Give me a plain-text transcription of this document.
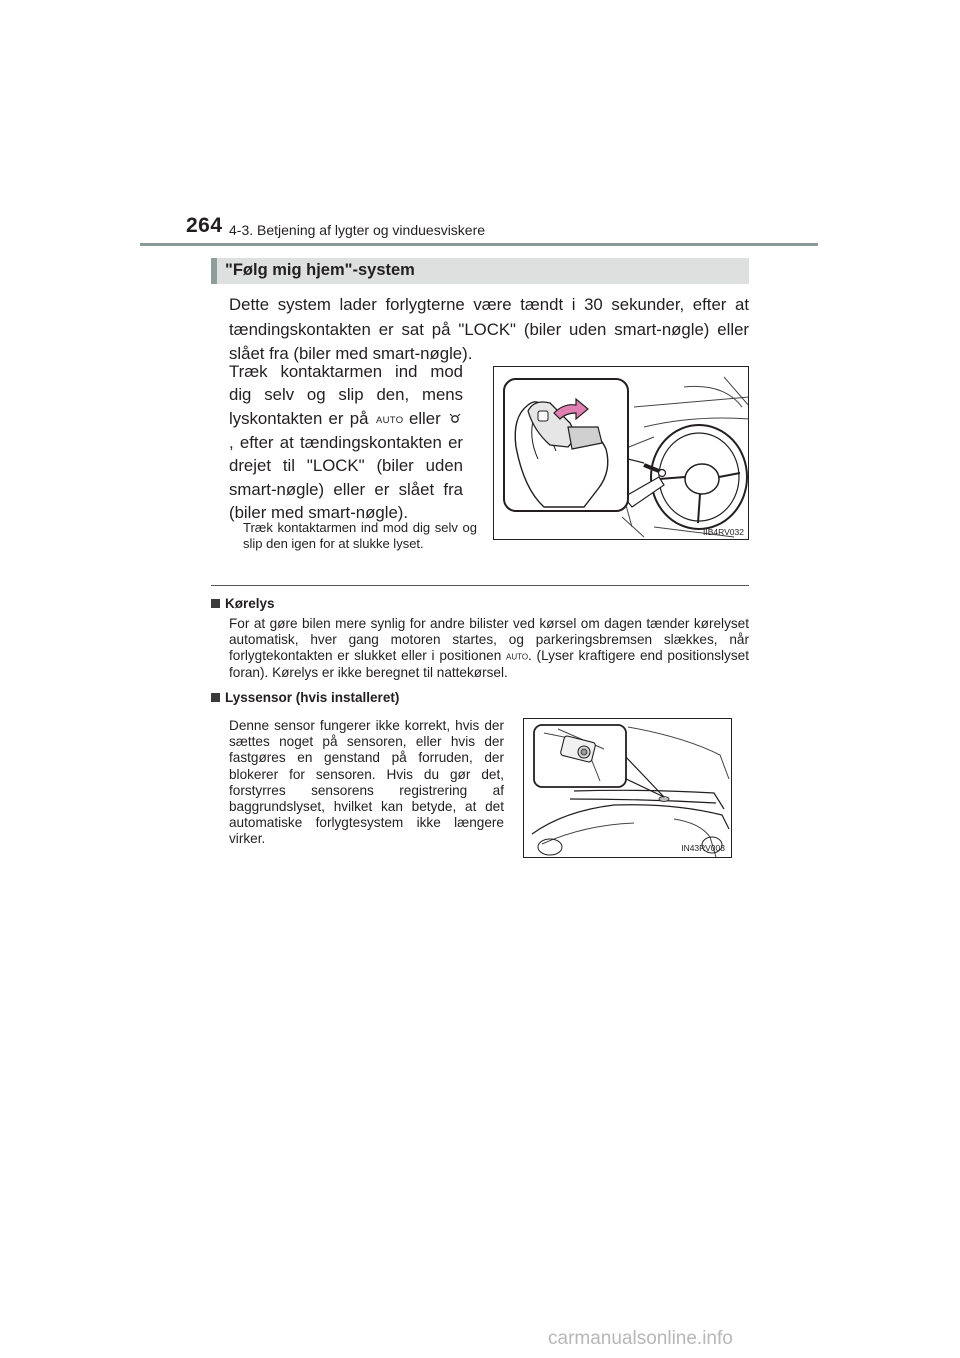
264 4-3. Betjening af lygter og vinduesviskere
"Følg mig hjem"-system
Dette system lader forlygterne være tændt i 30 sekunder, efter at tændingskontakten er sat på "LOCK" (biler uden smart-nøgle) eller slået fra (biler med smart-nøgle).
Træk kontaktarmen ind mod dig selv og slip den, mens lyskontakten er på AUTO eller  , efter at tændingskontakten er drejet til "LOCK" (biler uden smart-nøgle) eller er slået fra (biler med smart-nøgle).
Træk kontaktarmen ind mod dig selv og slip den igen for at slukke lyset.
IIB4RV032
Kørelys
For at gøre bilen mere synlig for andre bilister ved kørsel om dagen tænder kørelyset automatisk, hver gang motoren startes, og parkeringsbremsen slækkes, når forlygtekontakten er slukket eller i positionen AUTO . (Lyser kraftigere end positionslyset foran). Kørelys er ikke beregnet til nattekørsel.
Lyssensor (hvis installeret)
Denne sensor fungerer ikke korrekt, hvis der sættes noget på sensoren, eller hvis der fastgøres en genstand på forruden, der blokerer for sensoren. Hvis du gør det, forstyrres sensorens registrering af baggrundslyset, hvilket kan betyde, at det automatiske forlygtesystem ikke længere virker.
IN43RV003
carmanualsonline.info
